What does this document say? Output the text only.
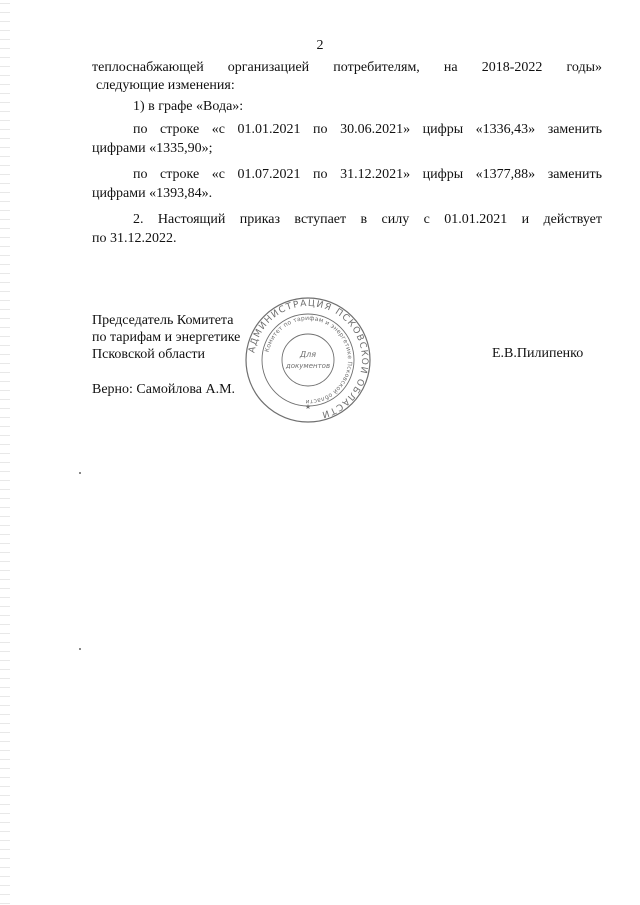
2
теплоснабжающей организацией потребителям, на 2018-2022 годы»
следующие изменения:
1) в графе «Вода»:
по строке «с 01.01.2021 по 30.06.2021» цифры «1336,43» заменить
цифрами «1335,90»;
по строке «с 01.07.2021 по 31.12.2021» цифры «1377,88» заменить
цифрами «1393,84».
2. Настоящий приказ вступает в силу с 01.01.2021 и действует
по 31.12.2022.
Председатель Комитета
по тарифам и энергетике
Псковской области	Е.В.Пилипенко
Верно: Самойлова А.М.
АДМИНИСТРАЦИЯ ПСКОВСКОЙ ОБЛАСТИ
Комитет по тарифам и энергетике Псковской области
Для
документов
★
